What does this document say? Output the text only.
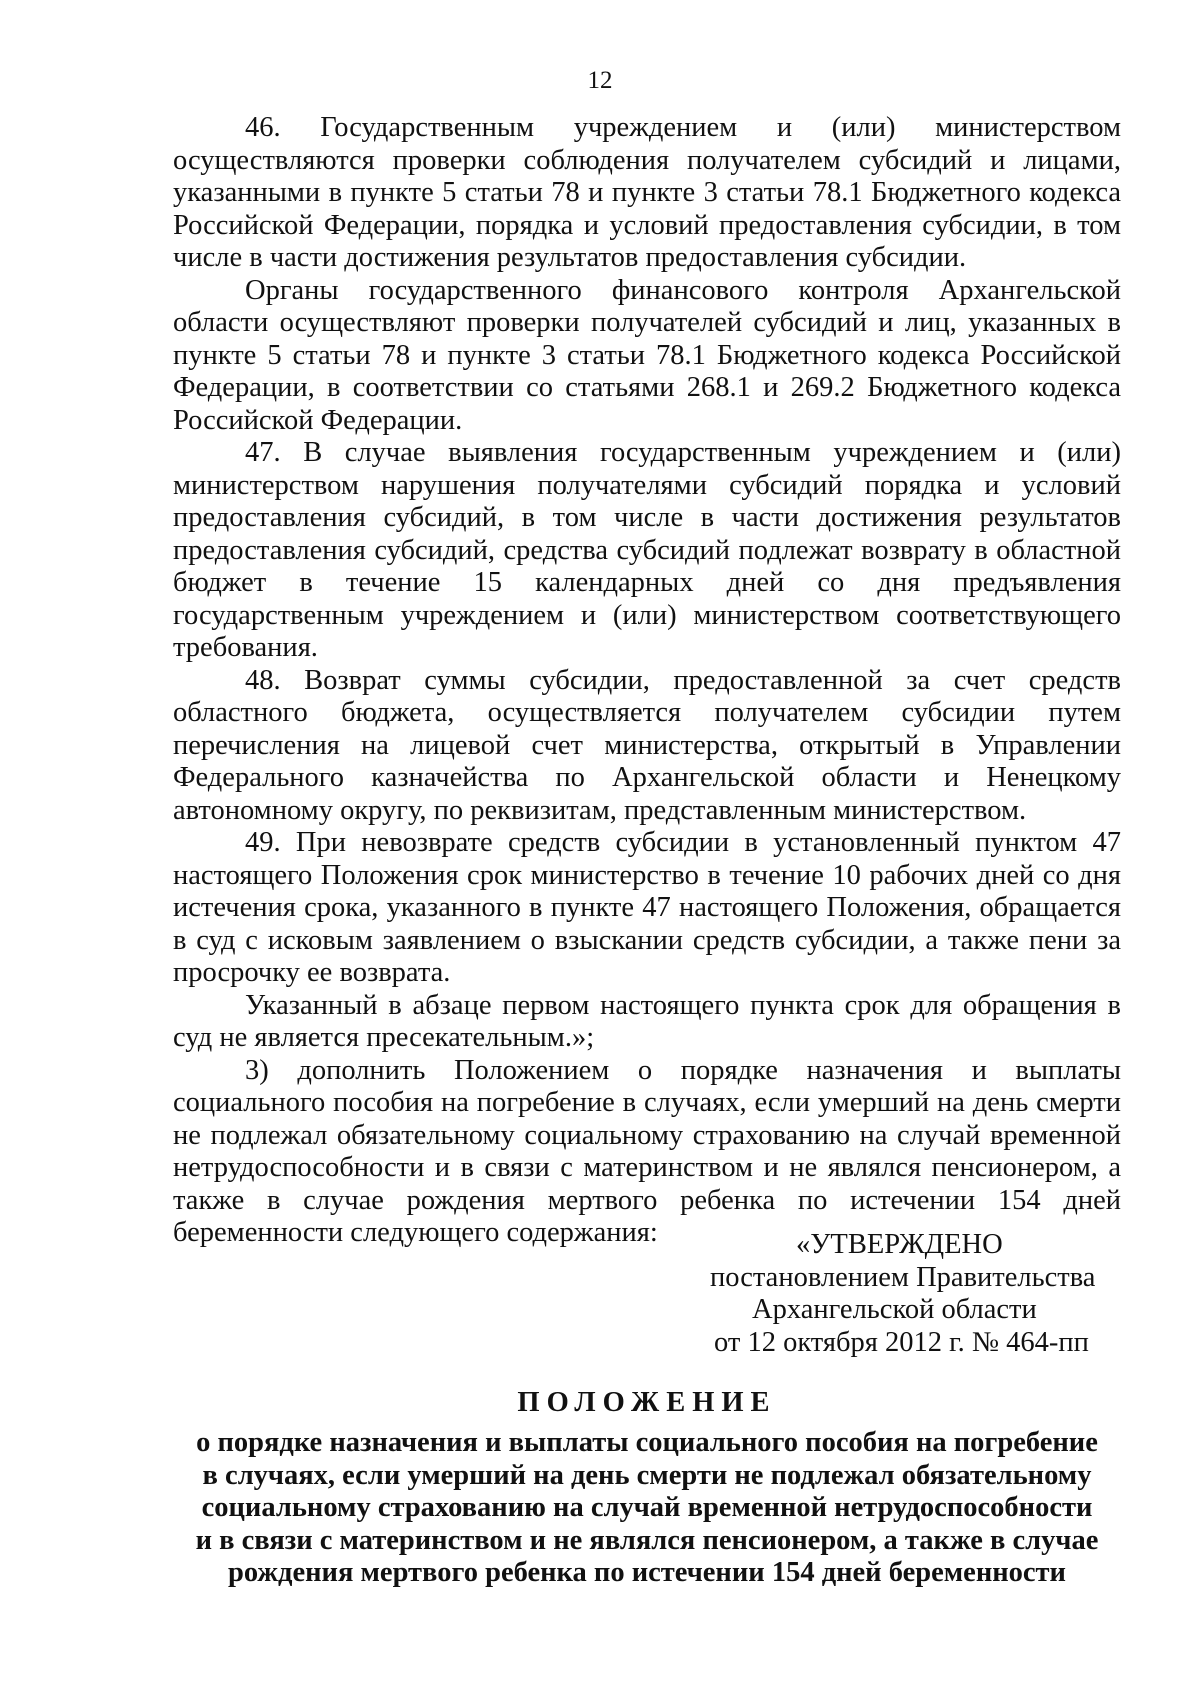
12

46. Государственным учреждением и (или) министерством осуществляются проверки соблюдения получателем субсидий и лицами, указанными в пункте 5 статьи 78 и пункте 3 статьи 78.1 Бюджетного кодекса Российской Федерации, порядка и условий предоставления субсидии, в том числе в части достижения результатов предоставления субсидии.

Органы государственного финансового контроля Архангельской области осуществляют проверки получателей субсидий и лиц, указанных в пункте 5 статьи 78 и пункте 3 статьи 78.1 Бюджетного кодекса Российской Федерации, в соответствии со статьями 268.1 и 269.2 Бюджетного кодекса Российской Федерации.

47. В случае выявления государственным учреждением и (или) министерством нарушения получателями субсидий порядка и условий предоставления субсидий, в том числе в части достижения результатов предоставления субсидий, средства субсидий подлежат возврату в областной бюджет в течение 15 календарных дней со дня предъявления государственным учреждением и (или) министерством соответствующего требования.

48. Возврат суммы субсидии, предоставленной за счет средств областного бюджета, осуществляется получателем субсидии путем перечисления на лицевой счет министерства, открытый в Управлении Федерального казначейства по Архангельской области и Ненецкому автономному округу, по реквизитам, представленным министерством.

49. При невозврате средств субсидии в установленный пунктом 47 настоящего Положения срок министерство в течение 10 рабочих дней со дня истечения срока, указанного в пункте 47 настоящего Положения, обращается в суд с исковым заявлением о взыскании средств субсидии, а также пени за просрочку ее возврата.

Указанный в абзаце первом настоящего пункта срок для обращения в суд не является пресекательным.»;

3) дополнить Положением о порядке назначения и выплаты социального пособия на погребение в случаях, если умерший на день смерти не подлежал обязательному социальному страхованию на случай временной нетрудоспособности и в связи с материнством и не являлся пенсионером, а также в случае рождения мертвого ребенка по истечении 154 дней беременности следующего содержания:	«УТВЕРЖДЕНО
постановлением Правительства
Архангельской области
от 12 октября 2012 г. № 464-пп
ПОЛОЖЕНИЕ
о порядке назначения и выплаты социального пособия на погребение
в случаях, если умерший на день смерти не подлежал обязательному
социальному страхованию на случай временной нетрудоспособности
и в связи с материнством и не являлся пенсионером, а также в случае
рождения мертвого ребенка по истечении 154 дней беременности
